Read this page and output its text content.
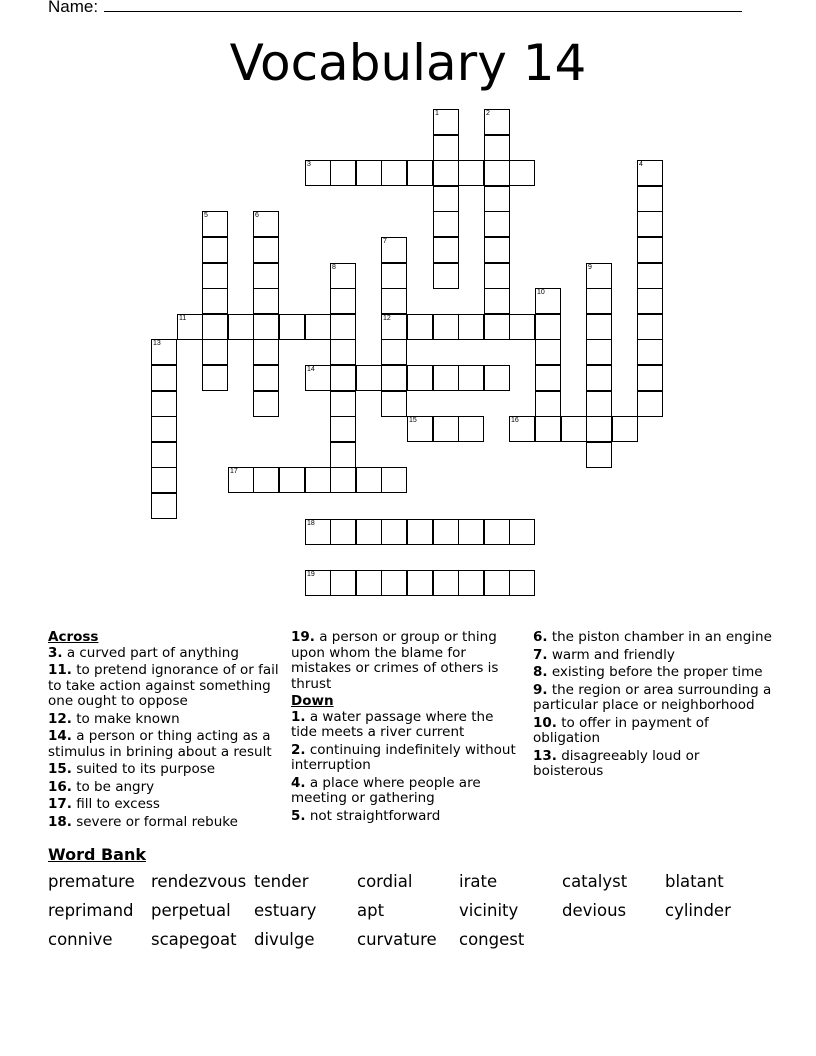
Name:
Vocabulary 14
1	2
3	4
5	6
7
12
8	9
10
11
13
14
15	16
17
18
19
Across
3. a curved part of anything
11. to pretend ignorance of or fail to take action against something one ought to oppose
12. to make known
14. a person or thing acting as a stimulus in brining about a result
15. suited to its purpose
16. to be angry
17. fill to excess
18. severe or formal rebuke
19. a person or group or thing upon whom the blame for mistakes or crimes of others is thrust
Down
1. a water passage where the tide meets a river current
2. continuing indefinitely without interruption
4. a place where people are meeting or gathering
5. not straightforward
6. the piston chamber in an engine
7. warm and friendly
8. existing before the proper time
9. the region or area surrounding a particular place or neighborhood
10. to offer in payment of obligation
13. disagreeably loud or boisterous
Word Bank
premature rendezvous tender	cordial	irate	catalyst blatant
reprimand perpetual estuary apt	vicinity	devious cylinder
connive scapegoat divulge	curvature congest
